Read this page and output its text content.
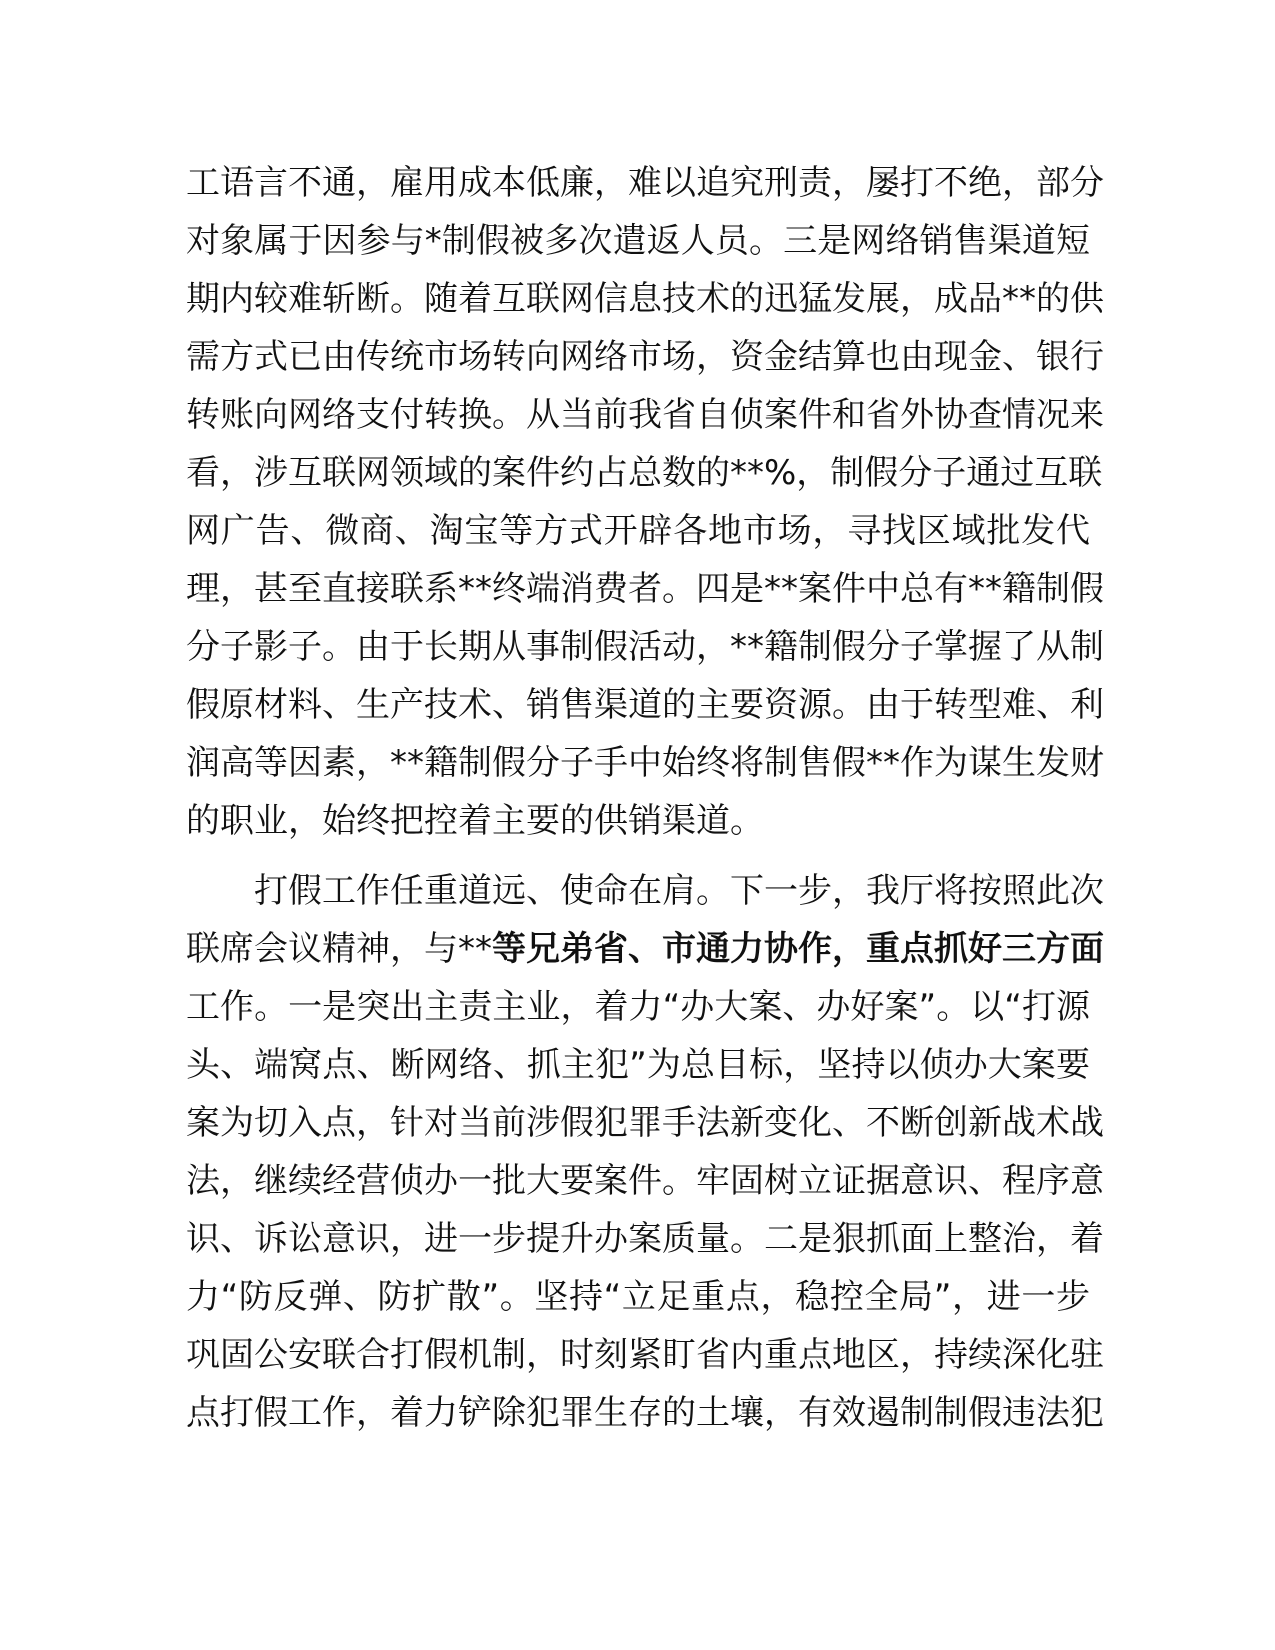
工语言不通，雇用成本低廉，难以追究刑责，屡打不绝，部分
对象属于因参与*制假被多次遣返人员。三是网络销售渠道短
期内较难斩断。随着互联网信息技术的迅猛发展，成品**的供
需方式已由传统市场转向网络市场，资金结算也由现金、银行
转账向网络支付转换。从当前我省自侦案件和省外协查情况来
看，涉互联网领域的案件约占总数的**%，制假分子通过互联
网广告、微商、淘宝等方式开辟各地市场，寻找区域批发代
理，甚至直接联系**终端消费者。四是**案件中总有**籍制假
分子影子。由于长期从事制假活动，**籍制假分子掌握了从制
假原材料、生产技术、销售渠道的主要资源。由于转型难、利
润高等因素，**籍制假分子手中始终将制售假**作为谋生发财
的职业，始终把控着主要的供销渠道。
打假工作任重道远、使命在肩。下一步，我厅将按照此次
联席会议精神，与**等兄弟省、市通力协作，重点抓好三方面
工作。一是突出主责主业，着力“办大案、办好案”。以“打源
头、端窝点、断网络、抓主犯”为总目标，坚持以侦办大案要
案为切入点，针对当前涉假犯罪手法新变化、不断创新战术战
法，继续经营侦办一批大要案件。牢固树立证据意识、程序意
识、诉讼意识，进一步提升办案质量。二是狠抓面上整治，着
力“防反弹、防扩散”。坚持“立足重点，稳控全局”，进一步
巩固公安联合打假机制，时刻紧盯省内重点地区，持续深化驻
点打假工作，着力铲除犯罪生存的土壤，有效遏制制假违法犯
